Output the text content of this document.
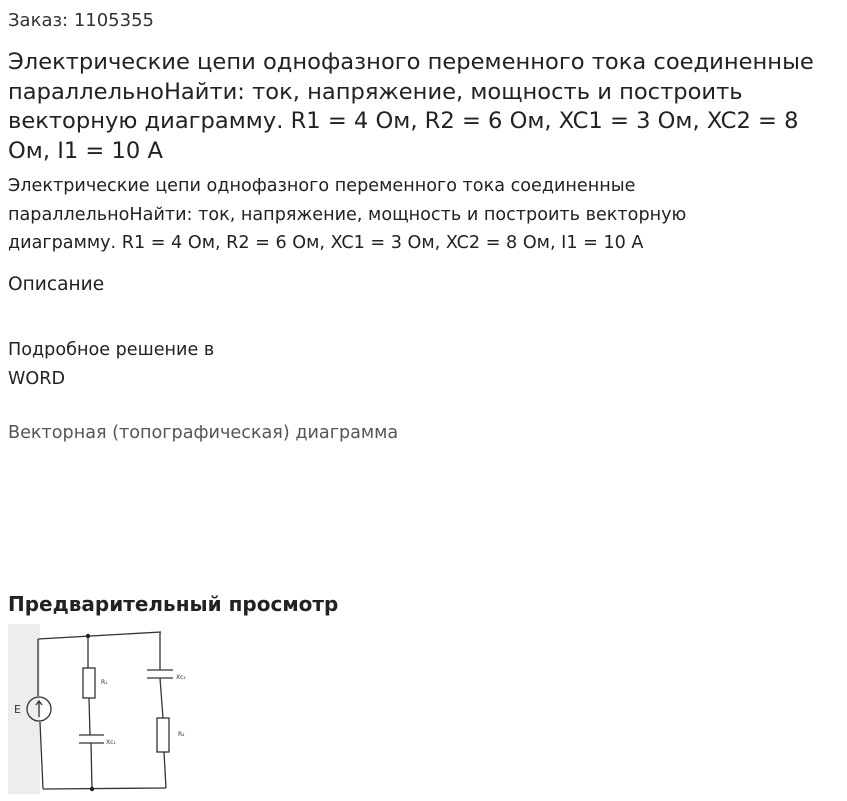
Заказ: 1105355
Электрические цепи однофазного переменного тока соединенные параллельноНайти: ток, напряжение, мощность и построить векторную диаграмму. R1 = 4 Ом, R2 = 6 Ом, XC1 = 3 Ом, XC2 = 8 Ом, I1 = 10 А
Электрические цепи однофазного переменного тока соединенные параллельноНайти: ток, напряжение, мощность и построить векторную диаграмму. R1 = 4 Ом, R2 = 6 Ом, XC1 = 3 Ом, XC2 = 8 Ом, I1 = 10 А
Описание
Подробное решение в WORD
Векторная (топографическая) диаграмма
Предварительный просмотр
E
R₁
Xc₁
Xc₂
R₂
